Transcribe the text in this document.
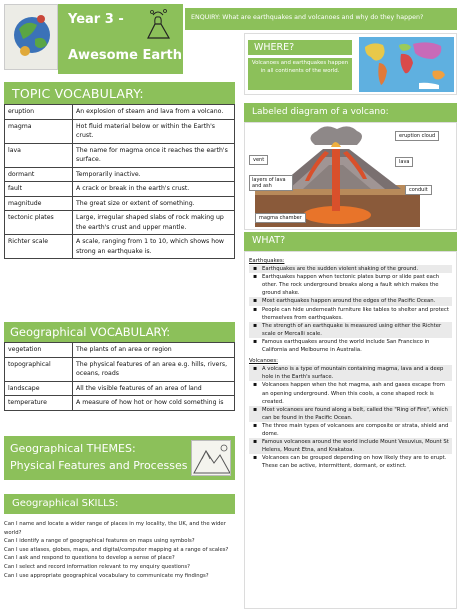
Year 3 -
Awesome Earth
ENQUIRY: What are earthquakes and volcanoes and why do they happen?
TOPIC VOCABULARY:
eruption	An explosion of steam and lava from a volcano.
magma	Hot fluid material below or within the Earth's crust.
lava	The name for magma once it reaches the earth's surface.
dormant	Temporarily inactive.
fault	A crack or break in the earth's crust.
magnitude	The great size or extent of something.
tectonic plates	Large, irregular shaped slabs of rock making up the earth's crust and upper mantle.
Richter scale	A scale, ranging from 1 to 10, which shows how strong an earthquake is.
Geographical VOCABULARY:
vegetation	The plants of an area or region
topographical	The physical features of an area e.g. hills, rivers, oceans, roads
landscape	All the visible features of an area of land
temperature	A measure of how hot or how cold something is
Geographical THEMES:
Physical Features and Processes
Geographical SKILLS:
Can I name and locate a wider range of places in my locality, the UK, and the wider world?
Can I identify a range of geographical features on maps using symbols?
Can I use atlases, globes, maps, and digital/computer mapping at a range of scales?
Can I ask and respond to questions to develop a sense of place?
Can I select and record information relevant to my enquiry questions?
Can I use appropriate geographical vocabulary to communicate my findings?
WHERE?
Volcanoes and earthquakes happen in all continents of the world.
Labeled diagram of a volcano:
eruption cloud
lava
layers of lava and ash
vent
conduit
magma chamber
WHAT?
Earthquakes:
▪ Earthquakes are the sudden violent shaking of the ground.
▪ Earthquakes happen when tectonic plates bump or slide past each other. The rock underground breaks along a fault which makes the ground shake.
▪ Most earthquakes happen around the edges of the Pacific Ocean.
▪ People can hide underneath furniture like tables to shelter and protect themselves from earthquakes.
▪ The strength of an earthquake is measured using either the Richter scale or Mercalli scale.
▪ Famous earthquakes around the world include San Francisco in California and Melbourne in Australia.
Volcanoes:
▪ A volcano is a type of mountain containing magma, lava and a deep hole in the Earth's surface.
▪ Volcanoes happen when the hot magma, ash and gases escape from an opening underground. When this cools, a cone shaped rock is created.
▪ Most volcanoes are found along a belt, called the "Ring of Fire", which can be found in the Pacific Ocean.
▪ The three main types of volcanoes are composite or strata, shield and dome.
▪ Famous volcanoes around the world include Mount Vesuvius, Mount St Helens, Mount Etna, and Krakatoa.
▪ Volcanoes can be grouped depending on how likely they are to erupt. These can be active, intermittent, dormant, or extinct.
